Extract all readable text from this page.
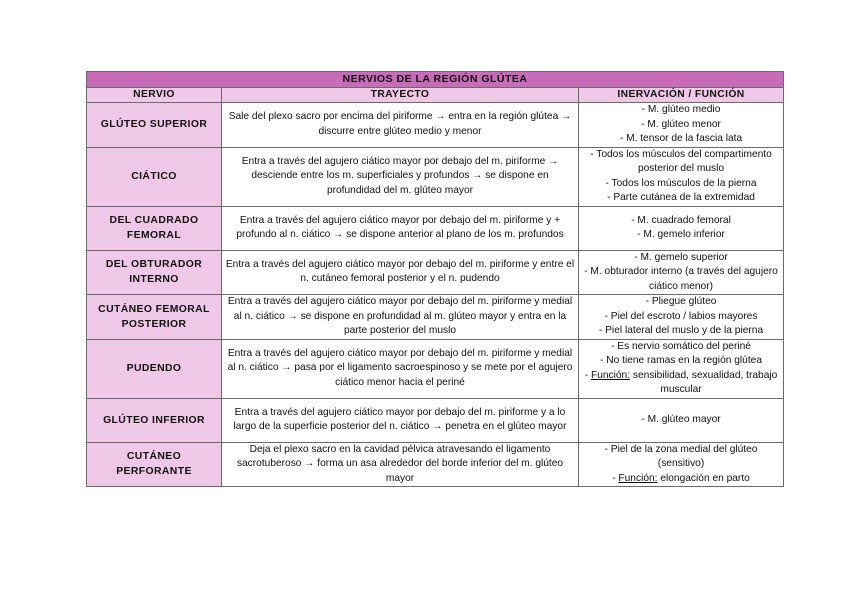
NERVIOS DE LA REGIÓN GLÚTEA		
NERVIO	TRAYECTO	INERVACIÓN / FUNCIÓN
GLÚTEO SUPERIOR	Sale del plexo sacro por encima del piriforme → entra en la región glúteа → discurre entre glúteo medio y menor	- M. glúteo medio
- M. glúteo menor
- M. tensor de la fascia lata

CIÁTICO	Entra a través del agujero ciático mayor por debajo del m. piriforme → desciende entre los m. superficiales y profundos → se dispone en profundidad del m. glúteo mayor	- Todos los músculos del compartimento posterior del muslo
- Todos los músculos de la pierna
- Parte cutánea de la extremidad

DEL CUADRADO FEMORAL	Entra a través del agujero ciático mayor por debajo del m. piriforme y + profundo al n. ciático → se dispone anterior al plano de los m. profundos	- M. cuadrado femoral
- M. gemelo inferior

DEL OBTURADOR INTERNO	Entra a través del agujero ciático mayor por debajo del m. piriforme y entre el n. cutáneo femoral posterior y el n. pudendo	- M. gemelo superior
- M. obturador interno (a través del agujero ciático menor)

CUTÁNEO FEMORAL POSTERIOR	Entra a través del agujero ciático mayor por debajo del m. piriforme y medial al n. ciático → se dispone en profundidad al m. glúteo mayor y entra en la parte posterior del muslo	- Pliegue glúteo
- Piel del escroto / labios mayores
- Piel lateral del muslo y de la pierna

PUDENDO	Entra a través del agujero ciático mayor por debajo del m. piriforme y medial al n. ciático → pasa por el ligamento sacroespinoso y se mete por el agujero ciático menor hacia el periné	- Es nervio somático del periné
- No tiene ramas en la región glútea
- Función: sensibilidad, sexualidad, trabajo muscular

GLÚTEO INFERIOR	Entra a través del agujero ciático mayor por debajo del m. piriforme y a lo largo de la superficie posterior del n. ciático → penetra en el glúteo mayor	- M. glúteo mayor

CUTÁNEO PERFORANTE	Deja el plexo sacro en la cavidad pélvica atravesando el ligamento sacrotuberoso → forma un asa alrededor del borde inferior del m. glúteo mayor	- Piel de la zona medial del glúteo (sensitivo)
- Función: elongación en parto
